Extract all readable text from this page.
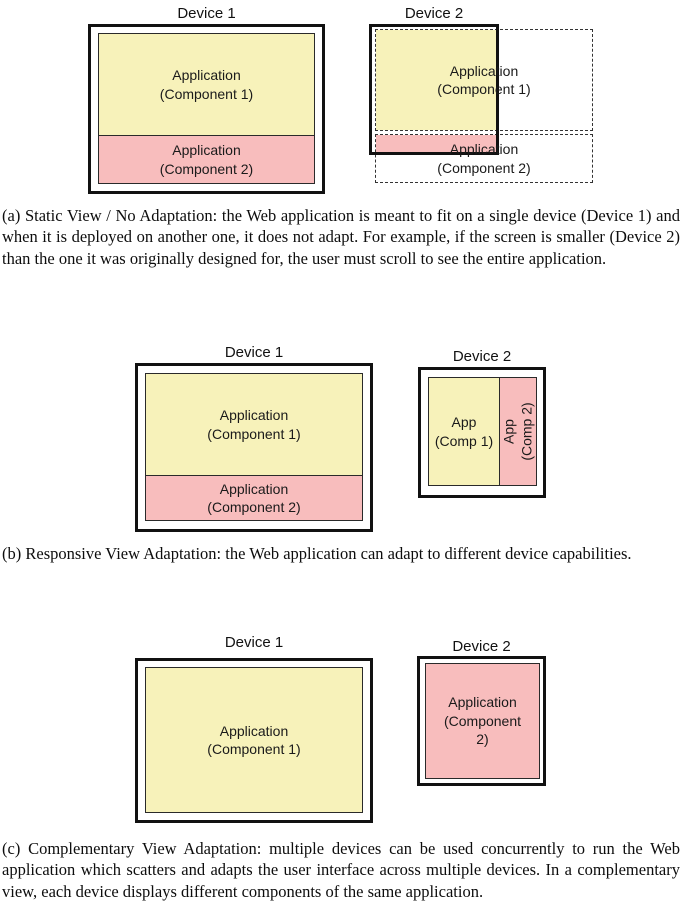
Device 1
Application
(Component 1)
Application
(Component 2)
Device 2
Application
(Component 1)
Application
(Component 2)

(a) Static View / No Adaptation: the Web application is meant to fit on a single device (Device 1) and when it is deployed on another one, it does not adapt. For example, if the screen is smaller (Device 2) than the one it was originally designed for, the user must scroll to see the entire application.

Device 1
Application
(Component 1)
Application
(Component 2)
Device 2
App
(Comp 1) App (Comp 2)

(b) Responsive View Adaptation: the Web application can adapt to different device capabilities.

Device 1
Application
(Component 1)
Device 2
Application
(Component
2)

(c) Complementary View Adaptation: multiple devices can be used concurrently to run the Web application which scatters and adapts the user interface across multiple devices. In a complementary view, each device displays different components of the same application.
